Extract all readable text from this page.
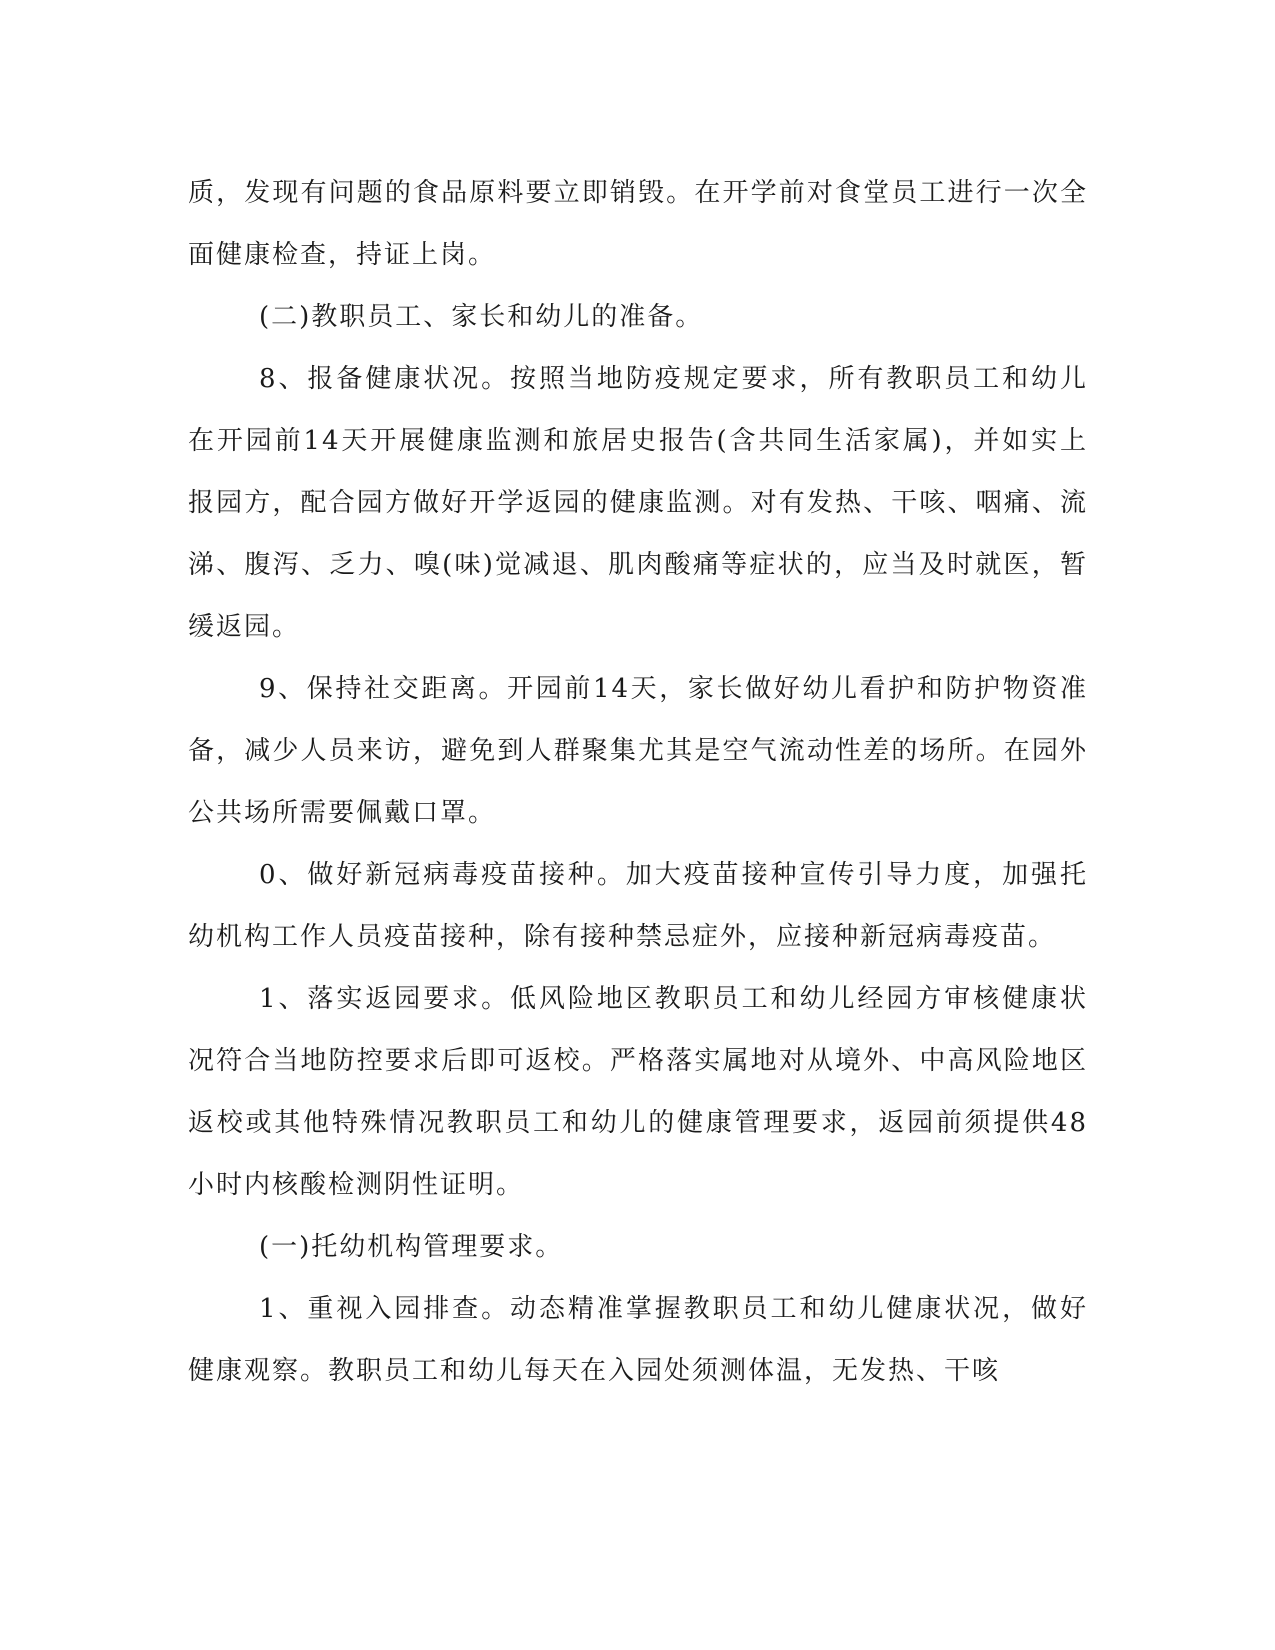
质，发现有问题的食品原料要立即销毁。在开学前对食堂员工进行一次全面健康检查，持证上岗。

(二)教职员工、家长和幼儿的准备。

8、报备健康状况。按照当地防疫规定要求，所有教职员工和幼儿在开园前14天开展健康监测和旅居史报告(含共同生活家属)，并如实上报园方，配合园方做好开学返园的健康监测。对有发热、干咳、咽痛、流涕、腹泻、乏力、嗅(味)觉减退、肌肉酸痛等症状的，应当及时就医，暂缓返园。

9、保持社交距离。开园前14天，家长做好幼儿看护和防护物资准备，减少人员来访，避免到人群聚集尤其是空气流动性差的场所。在园外公共场所需要佩戴口罩。

0、做好新冠病毒疫苗接种。加大疫苗接种宣传引导力度，加强托幼机构工作人员疫苗接种，除有接种禁忌症外，应接种新冠病毒疫苗。

1、落实返园要求。低风险地区教职员工和幼儿经园方审核健康状况符合当地防控要求后即可返校。严格落实属地对从境外、中高风险地区返校或其他特殊情况教职员工和幼儿的健康管理要求，返园前须提供48小时内核酸检测阴性证明。

(一)托幼机构管理要求。

1、重视入园排查。动态精准掌握教职员工和幼儿健康状况，做好健康观察。教职员工和幼儿每天在入园处须测体温，无发热、干咳
